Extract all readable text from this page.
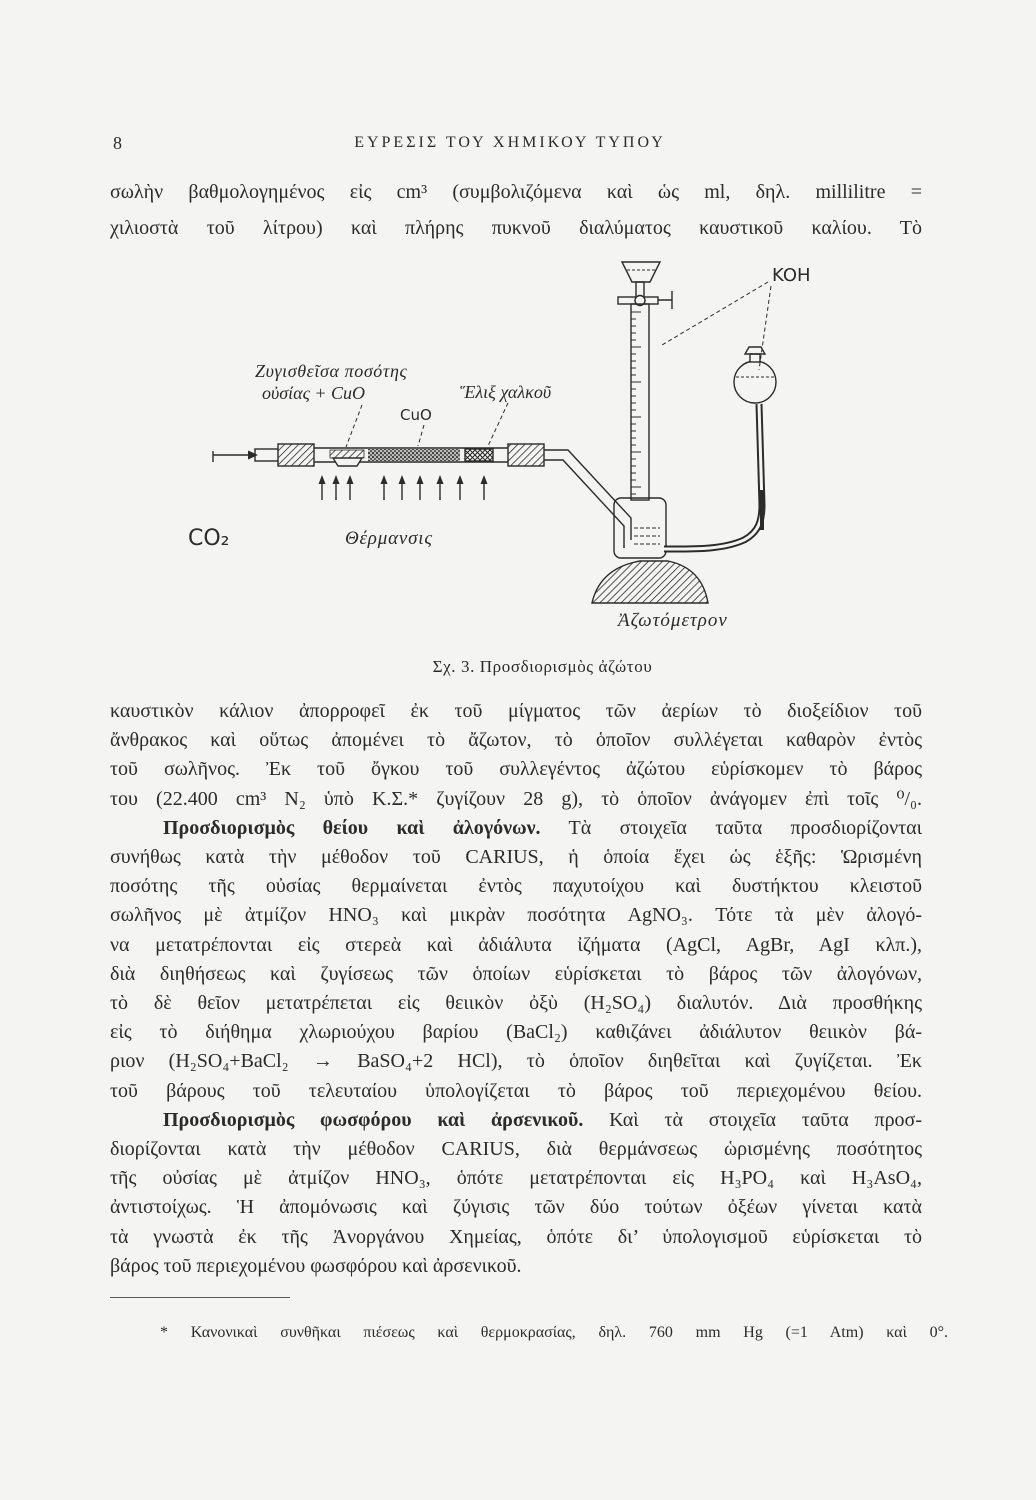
8	ΕΥΡΕΣΙΣ ΤΟΥ ΧΗΜΙΚΟΥ ΤΥΠΟΥ
σωλὴν βαθμολογημένος εἰς cm³ (συμβολιζόμενα καὶ ὡς ml, δηλ. millilitre =
χιλιοστὰ τοῦ λίτρου) καὶ πλήρης πυκνοῦ διαλύματος καυστικοῦ καλίου. Τὸ
KOH
Ζυγισθεῖσα ποσότης
οὐσίας + CuO	Ἕλιξ χαλκοῦ
CuO
CO₂	Θέρμανσις
Ἀζωτόμετρον
Σχ. 3. Προσδιορισμὸς ἀζώτου
καυστικὸν κάλιον ἀπορροφεῖ ἐκ τοῦ μίγματος τῶν ἀερίων τὸ διοξείδιον τοῦ
ἄνθρακος καὶ οὕτως ἀπομένει τὸ ἄζωτον, τὸ ὁποῖον συλλέγεται καθαρὸν ἐντὸς
τοῦ σωλῆνος. Ἐκ τοῦ ὄγκου τοῦ συλλεγέντος ἀζώτου εὑρίσκομεν τὸ βάρος
του (22.400 cm³ N₂ ὑπὸ Κ.Σ.* ζυγίζουν 28 g), τὸ ὁποῖον ἀνάγομεν ἐπὶ τοῖς ⁰/₀.
Προσδιορισμὸς θείου καὶ ἀλογόνων. Τὰ στοιχεῖα ταῦτα προσδιορίζονται
συνήθως κατὰ τὴν μέθοδον τοῦ CARIUS, ἡ ὁποία ἔχει ὡς ἑξῆς: Ὡρισμένη
ποσότης τῆς οὐσίας θερμαίνεται ἐντὸς παχυτοίχου καὶ δυστήκτου κλειστοῦ
σωλῆνος μὲ ἀτμίζον HNO₃ καὶ μικρὰν ποσότητα AgNO₃. Τότε τὰ μὲν ἀλογό-
να μετατρέπονται εἰς στερεὰ καὶ ἀδιάλυτα ἰζήματα (AgCl, AgBr, AgI κλπ.),
διὰ διηθήσεως καὶ ζυγίσεως τῶν ὁποίων εὑρίσκεται τὸ βάρος τῶν ἀλογόνων,
τὸ δὲ θεῖον μετατρέπεται εἰς θειικὸν ὀξὺ (H₂SO₄) διαλυτόν. Διὰ προσθήκης
εἰς τὸ διήθημα χλωριούχου βαρίου (BaCl₂) καθιζάνει ἀδιάλυτον θειικὸν βά-
ριον (H₂SO₄+BaCl₂ → BaSO₄+2 HCl), τὸ ὁποῖον διηθεῖται καὶ ζυγίζεται. Ἐκ
τοῦ βάρους τοῦ τελευταίου ὑπολογίζεται τὸ βάρος τοῦ περιεχομένου θείου.
Προσδιορισμὸς φωσφόρου καὶ ἀρσενικοῦ. Καὶ τὰ στοιχεῖα ταῦτα προσ-
διορίζονται κατὰ τὴν μέθοδον CARIUS, διὰ θερμάνσεως ὡρισμένης ποσότητος
τῆς οὐσίας μὲ ἀτμίζον HNO₃, ὁπότε μετατρέπονται εἰς H₃PO₄ καὶ H₃AsO₄,
ἀντιστοίχως. Ἡ ἀπομόνωσις καὶ ζύγισις τῶν δύο τούτων ὀξέων γίνεται κατὰ
τὰ γνωστὰ ἐκ τῆς Ἀνοργάνου Χημείας, ὁπότε δι’ ὑπολογισμοῦ εὑρίσκεται τὸ
βάρος τοῦ περιεχομένου φωσφόρου καὶ ἀρσενικοῦ.
* Κανονικαὶ συνθῆκαι πιέσεως καὶ θερμοκρασίας, δηλ. 760 mm Hg (=1 Atm) καὶ 0°.
